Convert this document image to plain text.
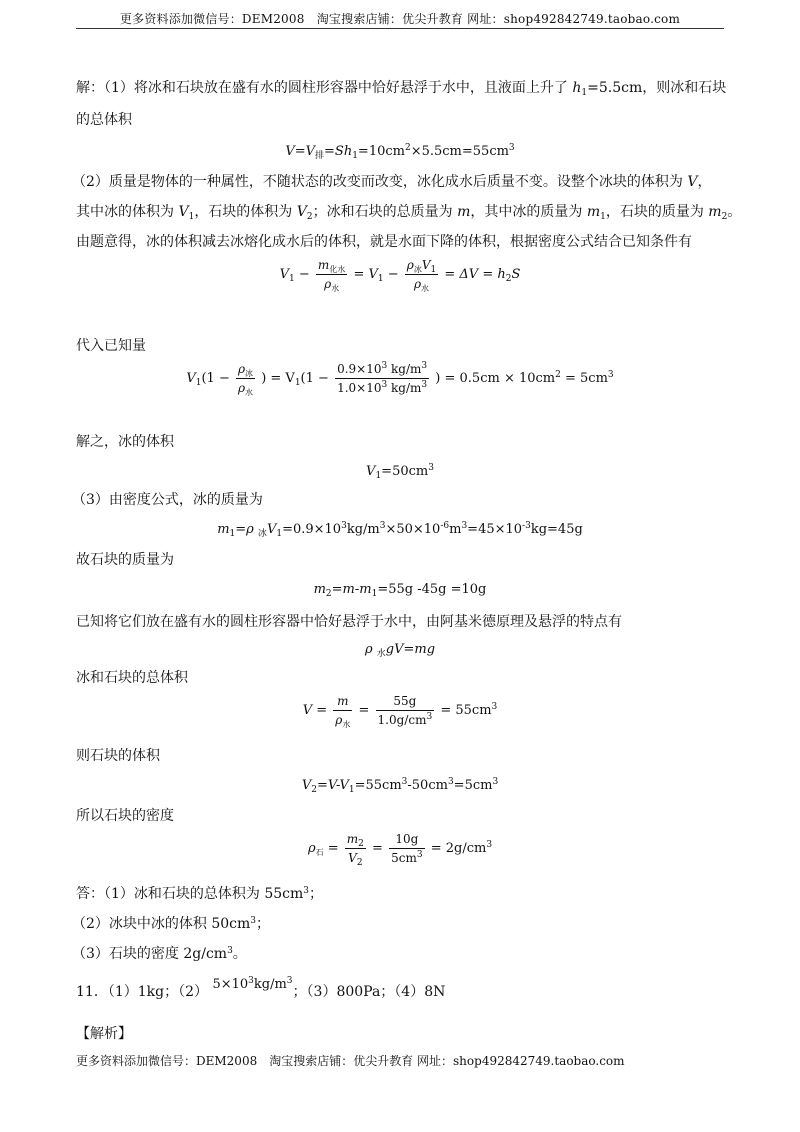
更多资料添加微信号：DEM2008　淘宝搜索店铺：优尖升教育 网址：shop492842749.taobao.com
解：（1）将冰和石块放在盛有水的圆柱形容器中恰好悬浮于水中，且液面上升了 $h_1=5.5cm$，则冰和石块
的总体积
$V=V_排=Sh_1=10cm^2\times 5.5cm=55cm^3$
（2）质量是物体的一种属性，不随状态的改变而改变，冰化成水后质量不变。设整个冰块的体积为 V，
其中冰的体积为 $V_1$，石块的体积为 $V_2$；冰和石块的总质量为 m，其中冰的质量为 $m_1$，石块的质量为 $m_2$。
由题意得，冰的体积减去冰熔化成水后的体积，就是水面下降的体积，根据密度公式结合已知条件有
$V_1 - \frac{m_{化水}}{\rho_水} = V_1 - \frac{\rho_冰V_1}{\rho_水} = \Delta V = h_2S$
代入已知量
$V_1(1 - \frac{\rho_冰}{\rho_水}$ ) = $V_1(1 - \frac{0.9\times 10^3 kg/m^3}{1.0\times 10^3 kg/m^3}$ ) = $0.5cm \times 10cm^2 = 5cm^3$
解之，冰的体积
$V_1=50cm^3$
（3）由密度公式，冰的质量为
$m_1=\rho$ $_冰V_1=0.9\times 10^3kg/m^3\times 50\times 10^{-6}m^3=45\times 10^{-3}kg=45g$
故石块的质量为
$m_2=m-m_1=55g$ -45g =10g
已知将它们放在盛有水的圆柱形容器中恰好悬浮于水中，由阿基米德原理及悬浮的特点有
ρ $_水$gV=mg
冰和石块的总体积
$V = \frac{m}{\rho_水} = \frac{55g}{1.0g/cm^3} = 55cm^3$
则石块的体积
$V_2=V-V_1=55cm^3-50cm^3=5cm^3$
所以石块的密度
$\rho_石 = \frac{m_2}{V_2} = \frac{10g}{5cm^3} = 2g/cm^3$
答：（1）冰和石块的总体积为 $55cm^3$；
（2）冰块中冰的体积 $50cm^3$；
（3）石块的密度 $2g/cm^3$。
11．（1）1kg；（2） $5\times 10^3kg/m^3$；（3）800Pa；（4）8N
【解析】
更多资料添加微信号：DEM2008　淘宝搜索店铺：优尖升教育 网址：shop492842749.taobao.com
